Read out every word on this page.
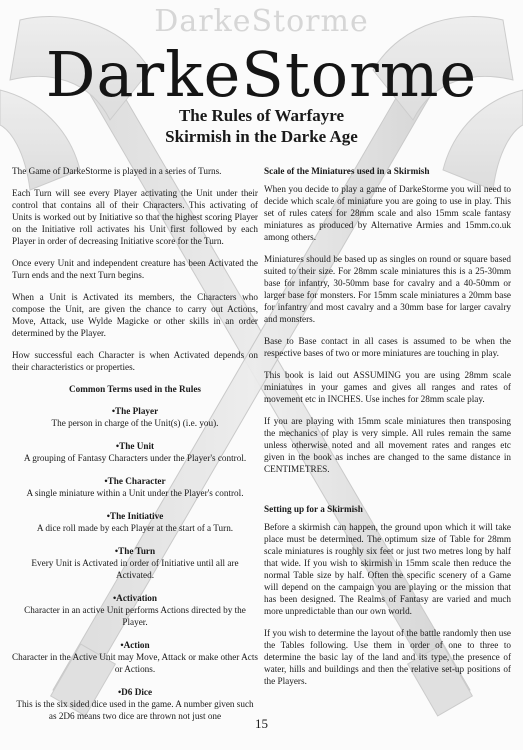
DarkeStorme
DarkeStorme
The Rules of Warfayre
Skirmish in the Darke Age

The Game of DarkeStorme is played in a series of Turns.

Each Turn will see every Player activating the Unit under their control that contains all of their Characters. This activating of Units is worked out by Initiative so that the highest scoring Player on the Initiative roll activates his Unit first followed by each Player in order of decreasing Initiative score for the Turn.

Once every Unit and independent creature has been Activated the Turn ends and the next Turn begins.

When a Unit is Activated its members, the Characters who compose the Unit, are given the chance to carry out Actions, Move, Attack, use Wylde Magicke or other skills in an order determined by the Player.

How successful each Character is when Activated depends on their characteristics or properties.

Common Terms used in the Rules
•The Player
The person in charge of the Unit(s) (i.e. you).
•The Unit
A grouping of Fantasy Characters under the Player's control.
•The Character
A single miniature within a Unit under the Player's control.
•The Initiative
A dice roll made by each Player at the start of a Turn.
•The Turn
Every Unit is Activated in order of Initiative until all are Activated.
•Activation
Character in an active Unit performs Actions directed by the Player.
•Action
Character in the Active Unit may Move, Attack or make other Acts or Actions.
•D6 Dice
This is the six sided dice used in the game. A number given such as 2D6 means two dice are thrown not just one
Scale of the Miniatures used in a Skirmish

When you decide to play a game of DarkeStorme you will need to decide which scale of miniature you are going to use in play. This set of rules caters for 28mm scale and also 15mm scale fantasy miniatures as produced by Alternative Armies and 15mm.co.uk among others.

Miniatures should be based up as singles on round or square based suited to their size. For 28mm scale miniatures this is a 25-30mm base for infantry, 30-50mm base for cavalry and a 40-50mm or larger base for monsters. For 15mm scale miniatures a 20mm base for infantry and most cavalry and a 30mm base for larger cavalry and monsters.

Base to Base contact in all cases is assumed to be when the respective bases of two or more miniatures are touching in play.

This book is laid out ASSUMING you are using 28mm scale miniatures in your games and gives all ranges and rates of movement etc in INCHES. Use inches for 28mm scale play.

If you are playing with 15mm scale miniatures then transposing the mechanics of play is very simple. All rules remain the same unless otherwise noted and all movement rates and ranges etc given in the book as inches are changed to the same distance in CENTIMETRES.

Setting up for a Skirmish

Before a skirmish can happen, the ground upon which it will take place must be determined. The optimum size of Table for 28mm scale miniatures is roughly six feet or just two metres long by half that wide. If you wish to skirmish in 15mm scale then reduce the normal Table size by half. Often the specific scenery of a Game will depend on the campaign you are playing or the mission that has been designed. The Realms of Fantasy are varied and much more unpredictable than our own world.

If you wish to determine the layout of the battle randomly then use the Tables following. Use them in order of one to three to determine the basic lay of the land and its type, the presence of water, hills and buildings and then the relative set-up positions of the Players.

15
